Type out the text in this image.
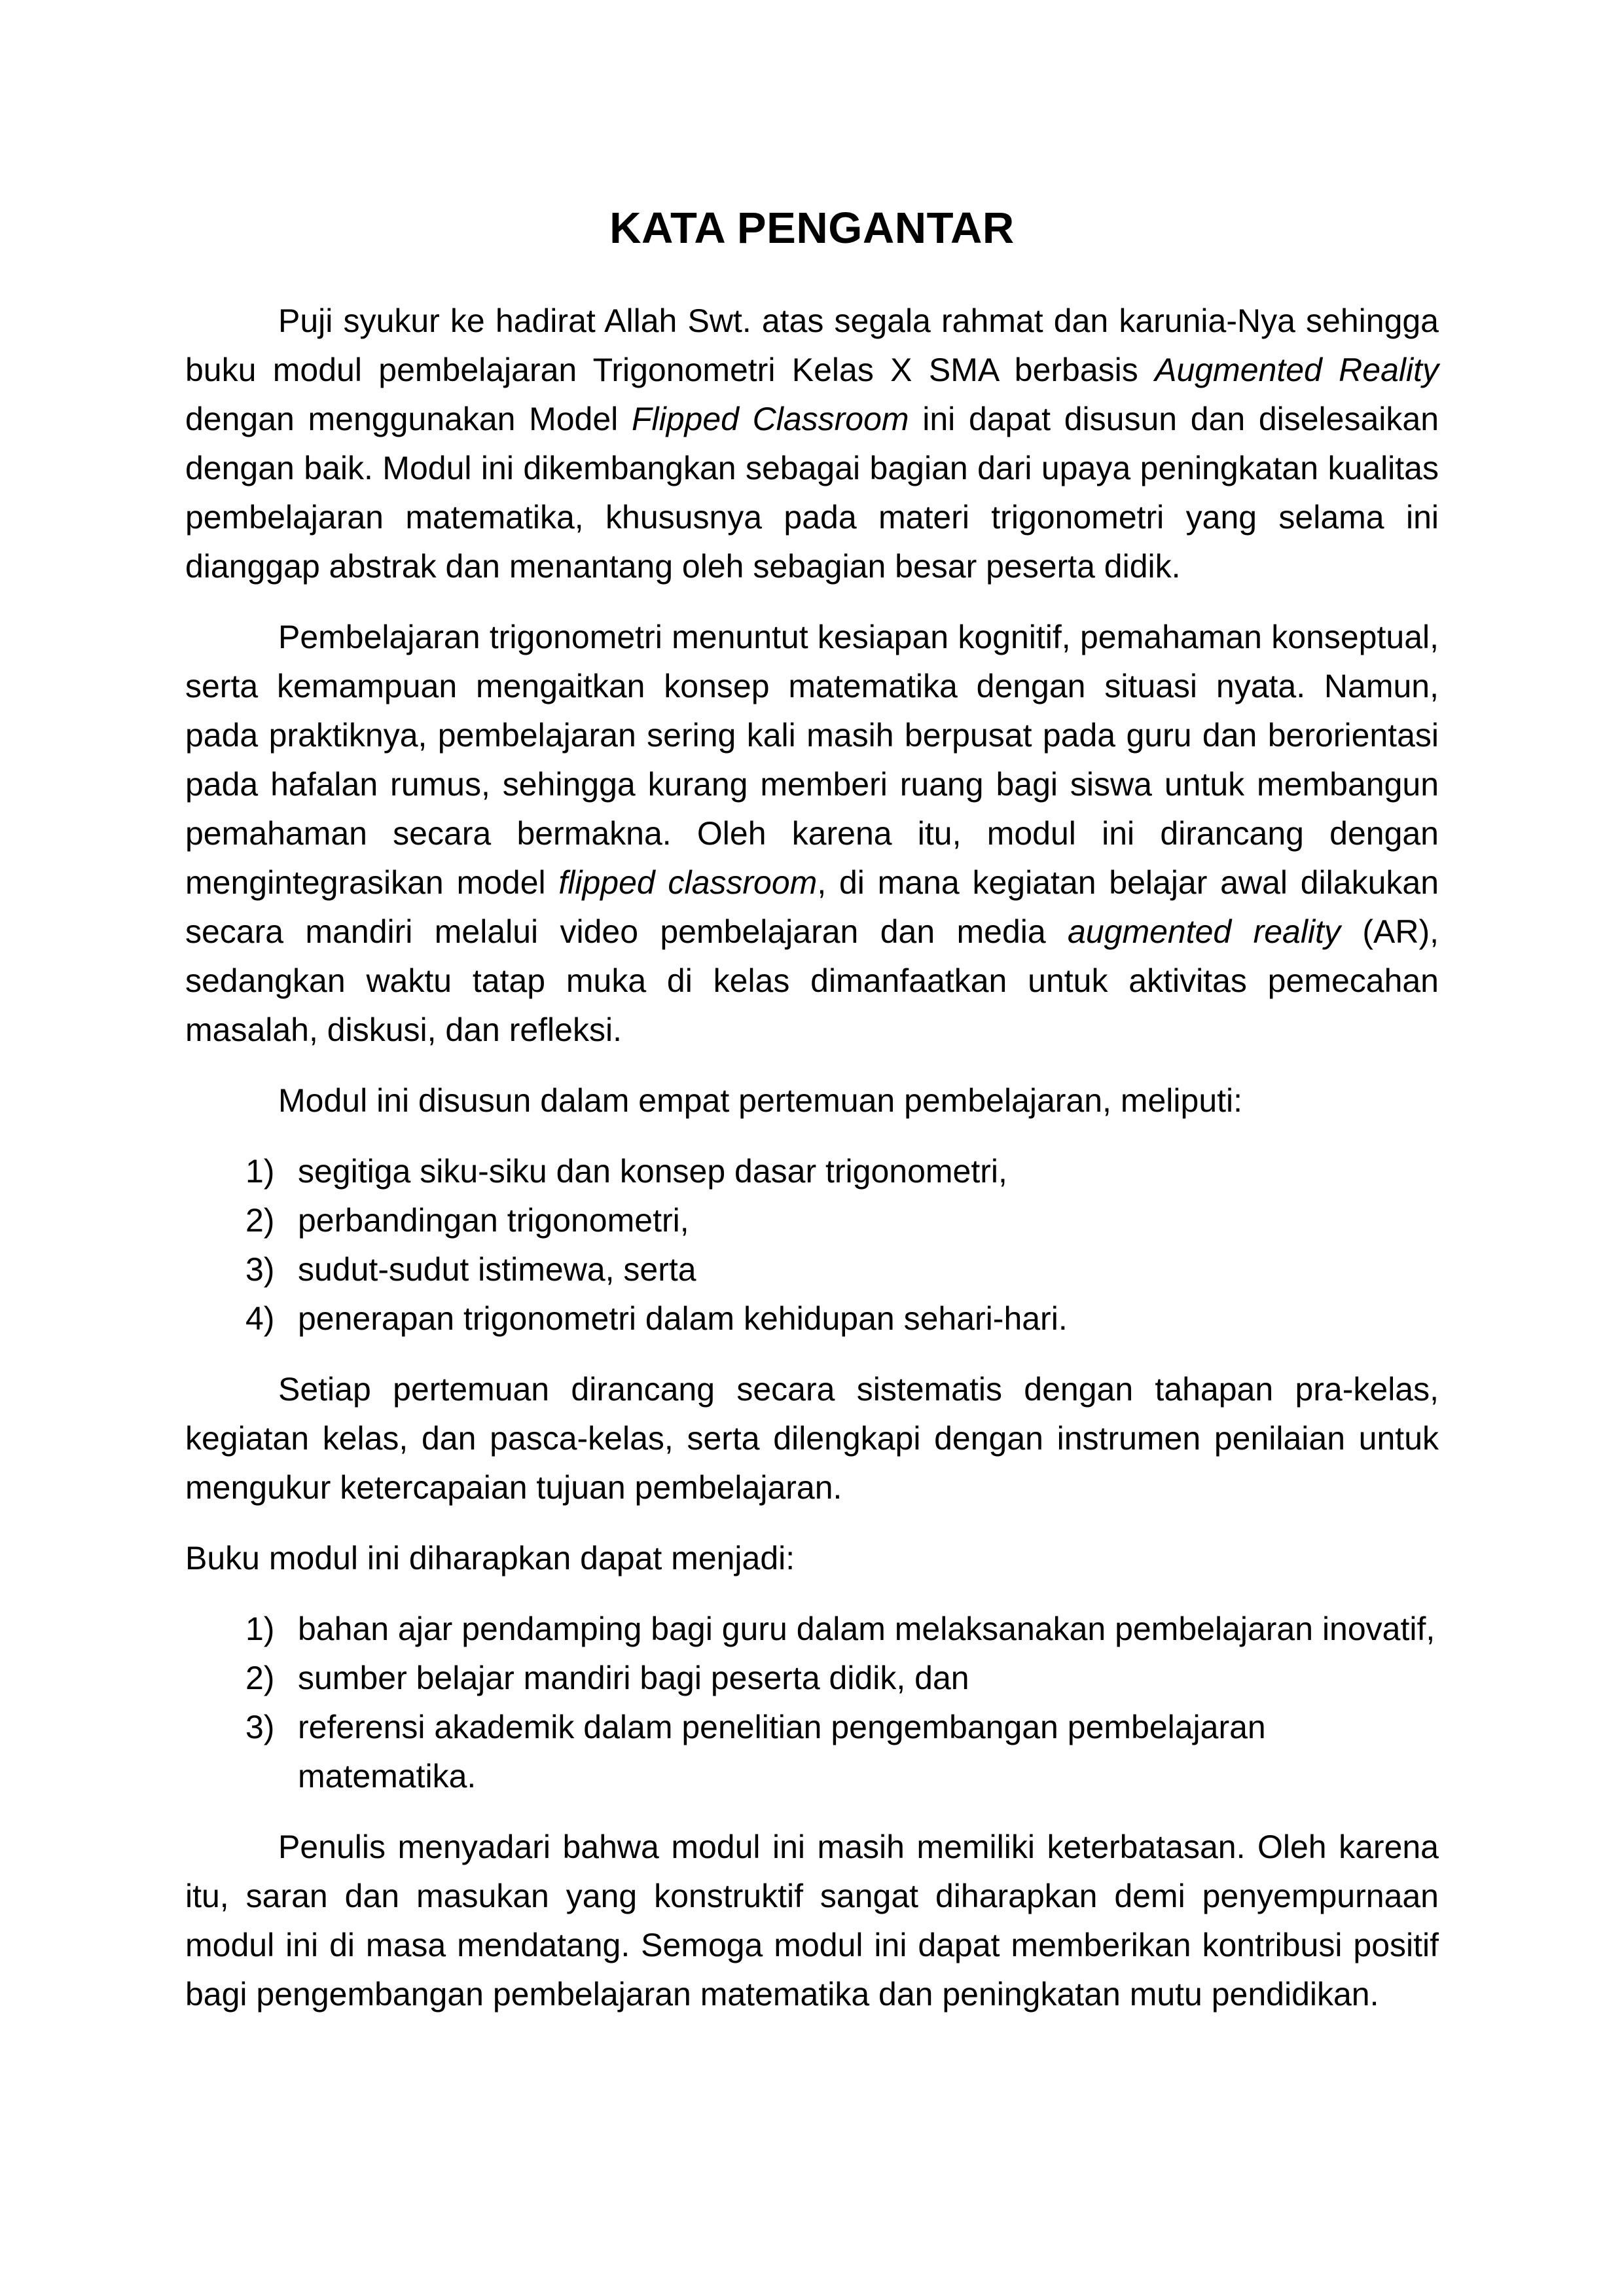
KATA PENGANTAR

Puji syukur ke hadirat Allah Swt. atas segala rahmat dan karunia-Nya sehingga buku modul pembelajaran Trigonometri Kelas X SMA berbasis Augmented Reality dengan menggunakan Model Flipped Classroom ini dapat disusun dan diselesaikan dengan baik. Modul ini dikembangkan sebagai bagian dari upaya peningkatan kualitas pembelajaran matematika, khususnya pada materi trigonometri yang selama ini dianggap abstrak dan menantang oleh sebagian besar peserta didik.

Pembelajaran trigonometri menuntut kesiapan kognitif, pemahaman konseptual, serta kemampuan mengaitkan konsep matematika dengan situasi nyata. Namun, pada praktiknya, pembelajaran sering kali masih berpusat pada guru dan berorientasi pada hafalan rumus, sehingga kurang memberi ruang bagi siswa untuk membangun pemahaman secara bermakna. Oleh karena itu, modul ini dirancang dengan mengintegrasikan model flipped classroom, di mana kegiatan belajar awal dilakukan secara mandiri melalui video pembelajaran dan media augmented reality (AR), sedangkan waktu tatap muka di kelas dimanfaatkan untuk aktivitas pemecahan masalah, diskusi, dan refleksi.

Modul ini disusun dalam empat pertemuan pembelajaran, meliputi:

1) segitiga siku-siku dan konsep dasar trigonometri,
2) perbandingan trigonometri,
3) sudut-sudut istimewa, serta
4) penerapan trigonometri dalam kehidupan sehari-hari.

Setiap pertemuan dirancang secara sistematis dengan tahapan pra-kelas, kegiatan kelas, dan pasca-kelas, serta dilengkapi dengan instrumen penilaian untuk mengukur ketercapaian tujuan pembelajaran.

Buku modul ini diharapkan dapat menjadi:

1) bahan ajar pendamping bagi guru dalam melaksanakan pembelajaran inovatif,
2) sumber belajar mandiri bagi peserta didik, dan
3) referensi akademik dalam penelitian pengembangan pembelajaran matematika.

Penulis menyadari bahwa modul ini masih memiliki keterbatasan. Oleh karena itu, saran dan masukan yang konstruktif sangat diharapkan demi penyempurnaan modul ini di masa mendatang. Semoga modul ini dapat memberikan kontribusi positif bagi pengembangan pembelajaran matematika dan peningkatan mutu pendidikan.
